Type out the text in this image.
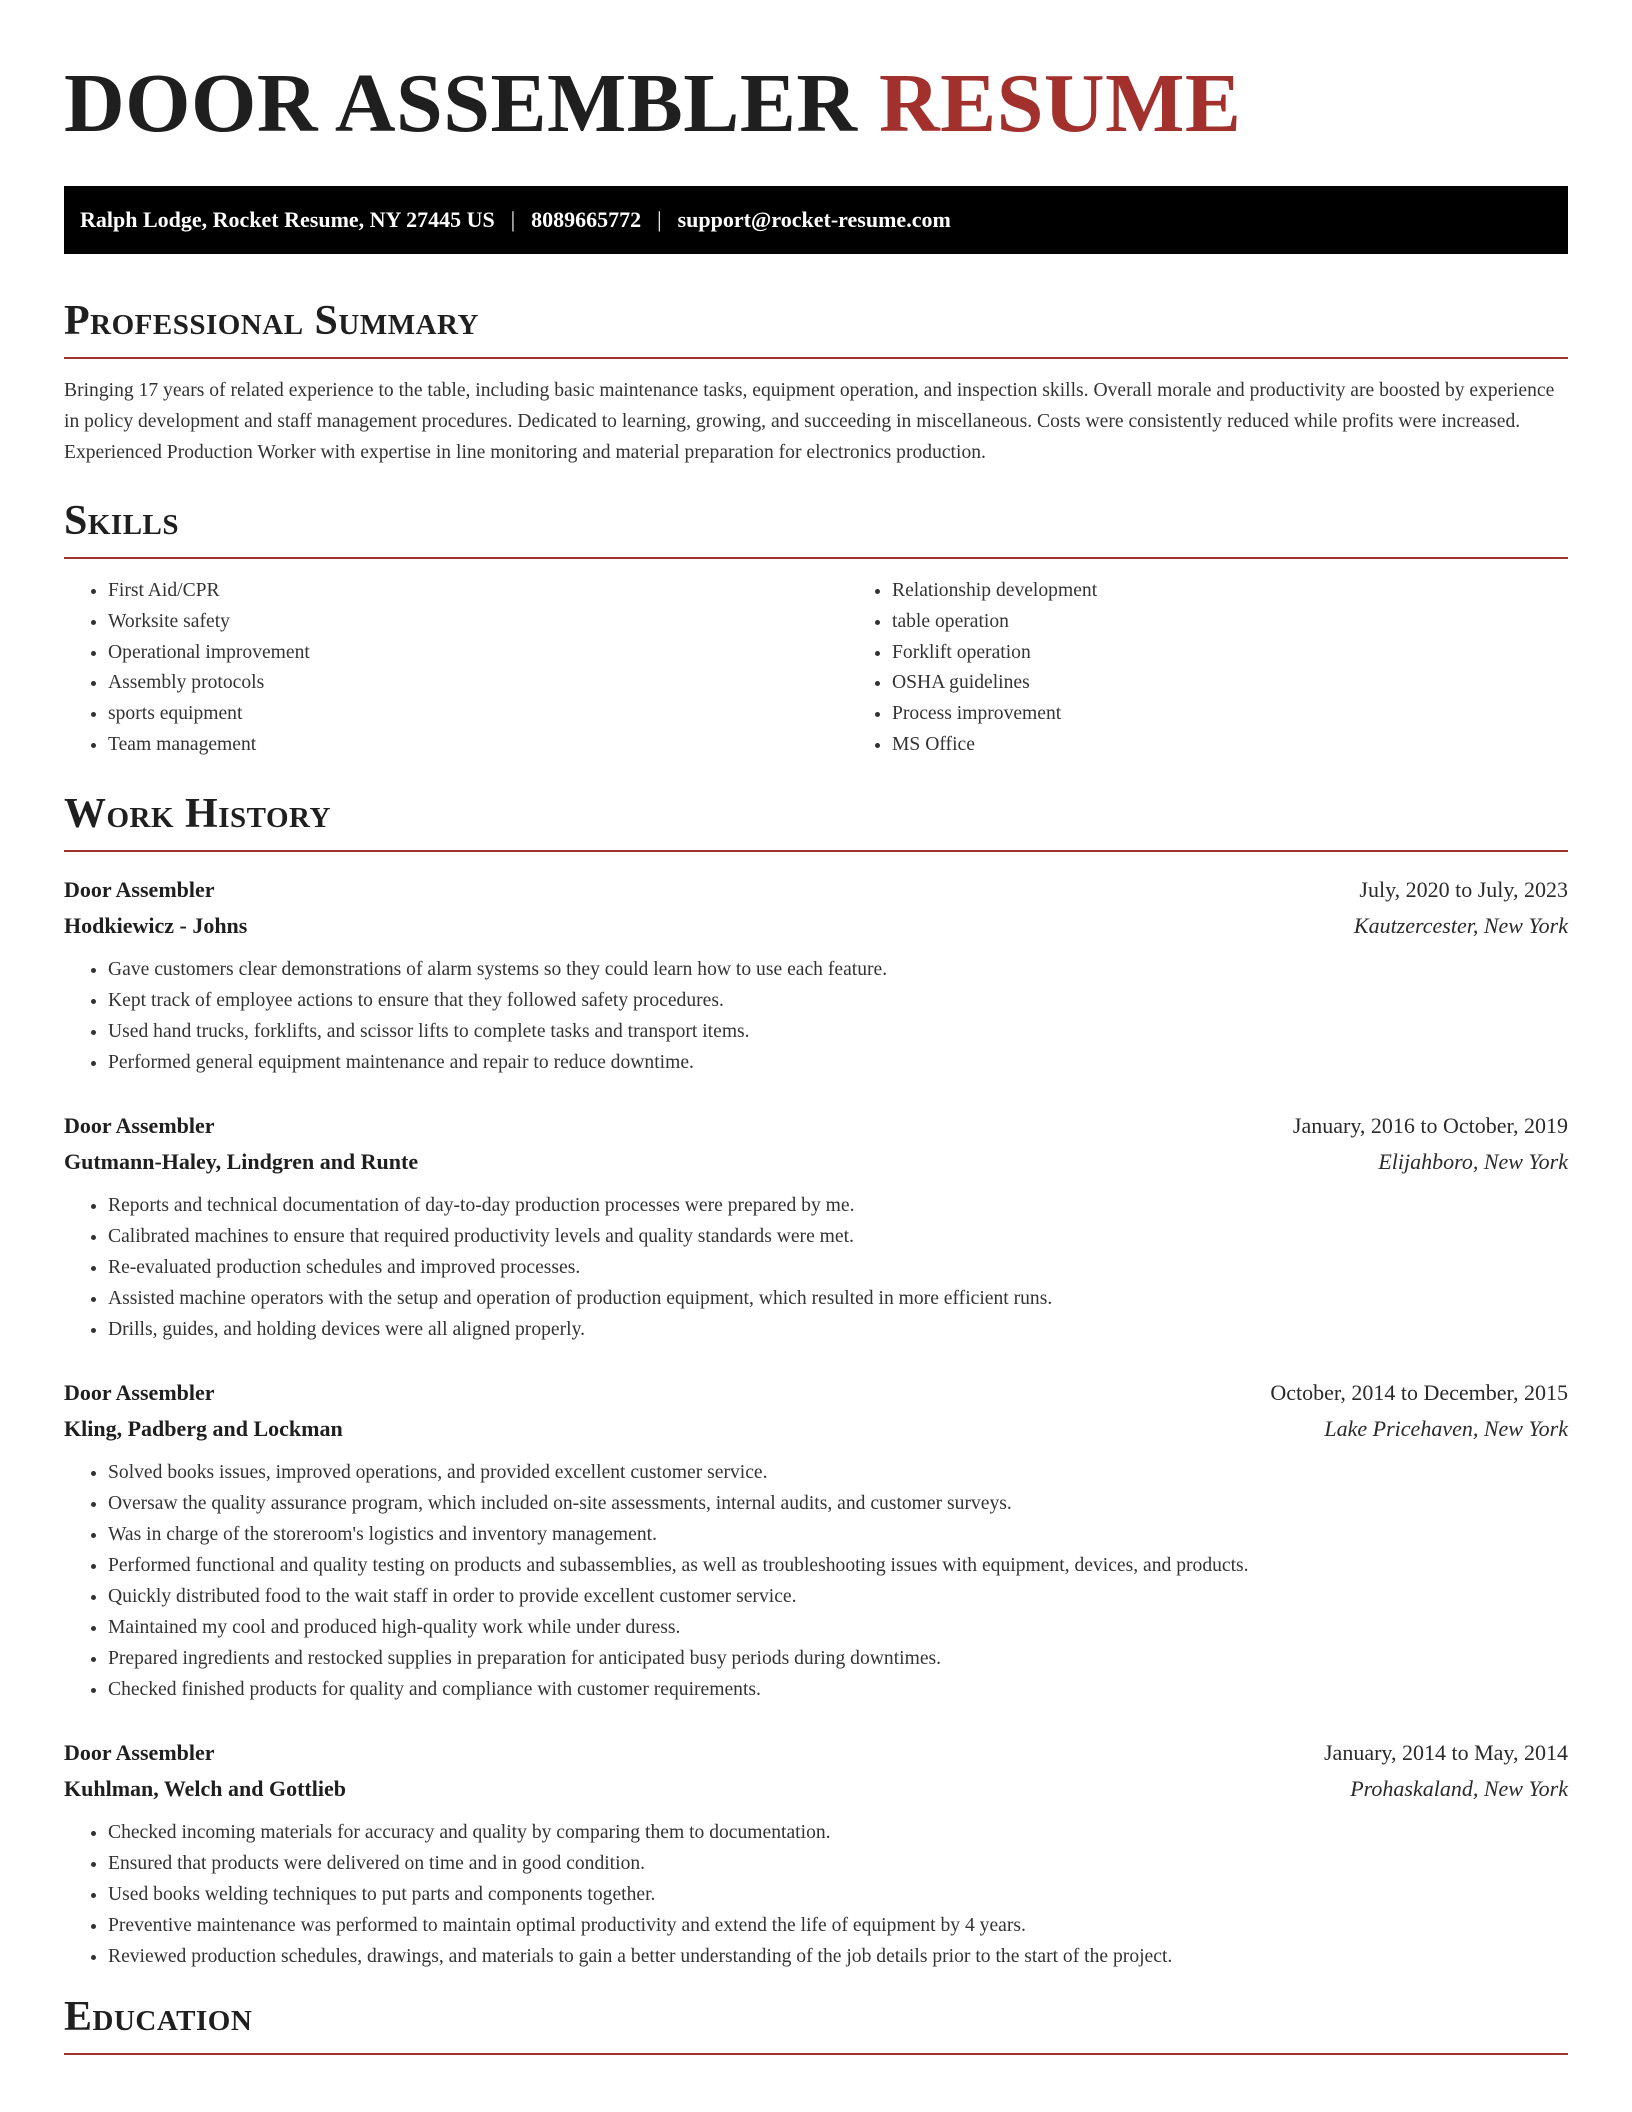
DOOR ASSEMBLER RESUME
Ralph Lodge, Rocket Resume, NY 27445 US | 8089665772 | support@rocket-resume.com
Professional Summary

Bringing 17 years of related experience to the table, including basic maintenance tasks, equipment operation, and inspection skills. Overall morale and productivity are boosted by experience in policy development and staff management procedures. Dedicated to learning, growing, and succeeding in miscellaneous. Costs were consistently reduced while profits were increased. Experienced Production Worker with expertise in line monitoring and material preparation for electronics production.

Skills
• First Aid/CPR
• Worksite safety
• Operational improvement
• Assembly protocols
• sports equipment
• Team management
• Relationship development
• table operation
• Forklift operation
• OSHA guidelines
• Process improvement
• MS Office
Work History
Door Assembler	July, 2020 to July, 2023
Hodkiewicz - Johns	Kautzercester, New York
• Gave customers clear demonstrations of alarm systems so they could learn how to use each feature.
• Kept track of employee actions to ensure that they followed safety procedures.
• Used hand trucks, forklifts, and scissor lifts to complete tasks and transport items.
• Performed general equipment maintenance and repair to reduce downtime.
Door Assembler	January, 2016 to October, 2019
Gutmann-Haley, Lindgren and Runte	Elijahboro, New York
• Reports and technical documentation of day-to-day production processes were prepared by me.
• Calibrated machines to ensure that required productivity levels and quality standards were met.
• Re-evaluated production schedules and improved processes.
• Assisted machine operators with the setup and operation of production equipment, which resulted in more efficient runs.
• Drills, guides, and holding devices were all aligned properly.
Door Assembler	October, 2014 to December, 2015
Kling, Padberg and Lockman	Lake Pricehaven, New York
• Solved books issues, improved operations, and provided excellent customer service.
• Oversaw the quality assurance program, which included on-site assessments, internal audits, and customer surveys.
• Was in charge of the storeroom's logistics and inventory management.
• Performed functional and quality testing on products and subassemblies, as well as troubleshooting issues with equipment, devices, and products.
• Quickly distributed food to the wait staff in order to provide excellent customer service.
• Maintained my cool and produced high-quality work while under duress.
• Prepared ingredients and restocked supplies in preparation for anticipated busy periods during downtimes.
• Checked finished products for quality and compliance with customer requirements.
Door Assembler	January, 2014 to May, 2014
Kuhlman, Welch and Gottlieb	Prohaskaland, New York
• Checked incoming materials for accuracy and quality by comparing them to documentation.
• Ensured that products were delivered on time and in good condition.
• Used books welding techniques to put parts and components together.
• Preventive maintenance was performed to maintain optimal productivity and extend the life of equipment by 4 years.
• Reviewed production schedules, drawings, and materials to gain a better understanding of the job details prior to the start of the project.
Education
